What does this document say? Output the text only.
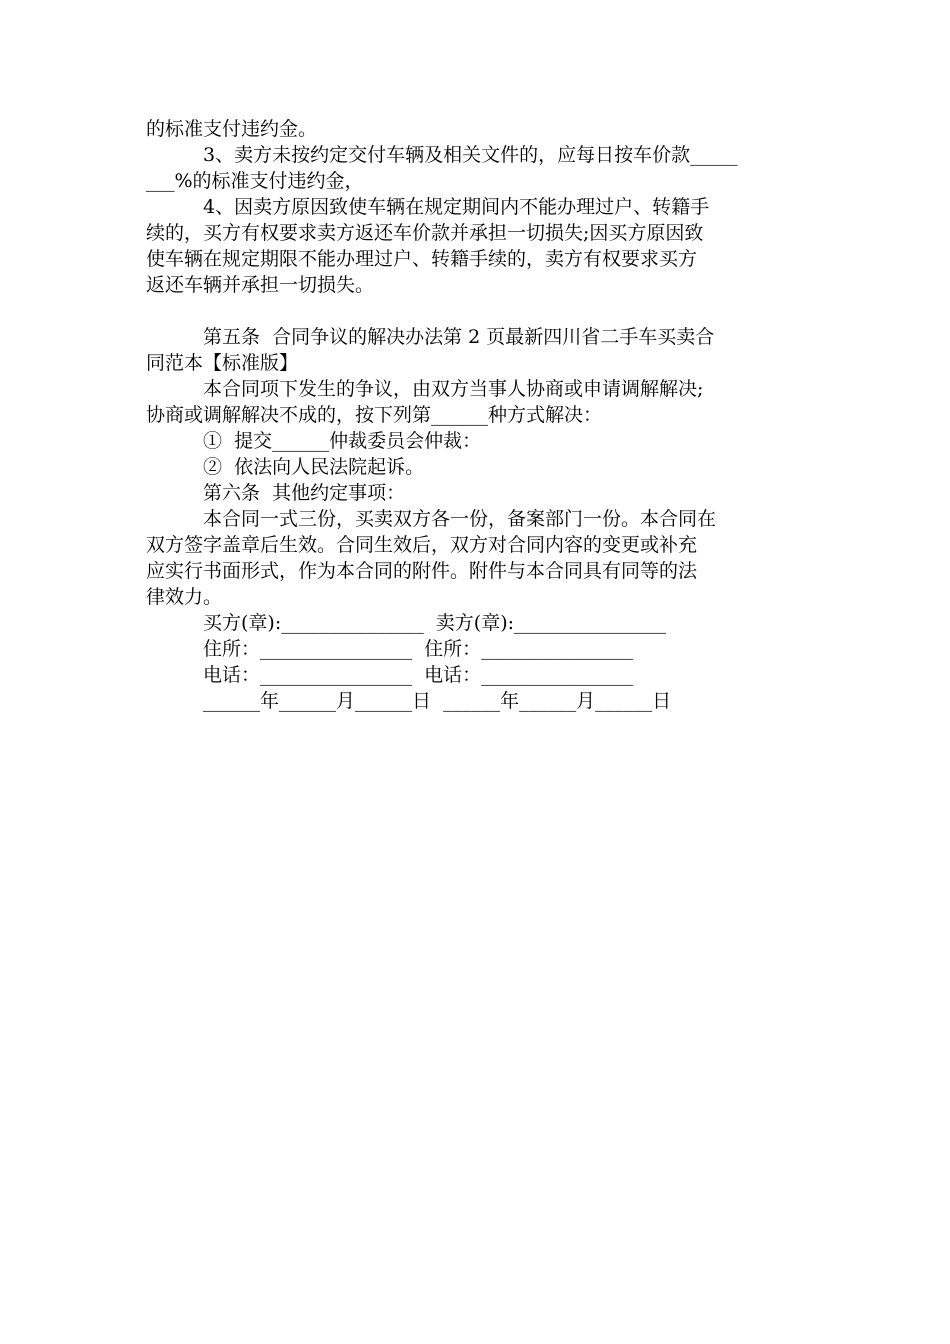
的标准支付违约金。
3、卖方未按约定交付车辆及相关文件的，应每日按车价款_____
___%的标准支付违约金，
4、因卖方原因致使车辆在规定期间内不能办理过户、转籍手
续的，买方有权要求卖方返还车价款并承担一切损失;因买方原因致
使车辆在规定期限不能办理过户、转籍手续的，卖方有权要求买方
返还车辆并承担一切损失。
第五条  合同争议的解决办法第 2 页最新四川省二手车买卖合
同范本【标准版】
本合同项下发生的争议，由双方当事人协商或申请调解解决;
协商或调解解决不成的，按下列第______种方式解决：
①  提交______仲裁委员会仲裁：
②  依法向人民法院起诉。
第六条  其他约定事项：
本合同一式三份，买卖双方各一份，备案部门一份。本合同在
双方签字盖章后生效。合同生效后，双方对合同内容的变更或补充
应实行书面形式，作为本合同的附件。附件与本合同具有同等的法
律效力。
买方(章):_______________  卖方(章):________________
住所：________________  住所：________________
电话：________________  电话：________________
______年______月______日  ______年______月______日
